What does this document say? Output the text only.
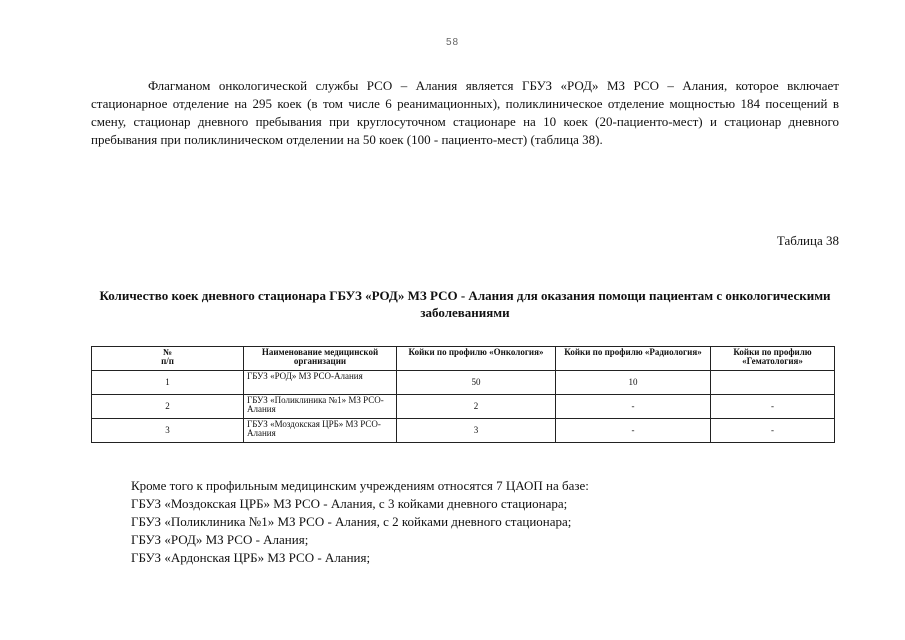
58

Флагманом онкологической службы РСО – Алания является ГБУЗ «РОД» МЗ РСО – Алания, которое включает стационарное отделение на 295 коек (в том числе 6 реанимационных), поликлиническое отделение мощностью 184 посещений в смену, стационар дневного пребывания при круглосуточном стационаре на 10 коек (20-пациенто-мест) и стационар дневного пребывания при поликлиническом отделении на 50 коек (100 - пациенто-мест) (таблица 38).

Таблица 38

Количество коек дневного стационара ГБУЗ «РОД» МЗ РСО - Алания для оказания помощи пациентам с онкологическими заболеваниями

№
п/п	Наименование медицинской организации	Койки по профилю «Онкология»	Койки по профилю «Радиология»	Койки по профилю «Гематология»
1	ГБУЗ «РОД» МЗ РСО-Алания	50	10	
2	ГБУЗ «Поликлиника №1» МЗ РСО-Алания	2	-	-
3	ГБУЗ «Моздокская ЦРБ» МЗ РСО-Алания	3	-	-
Кроме того к профильным медицинским учреждениям относятся 7 ЦАОП на базе:
ГБУЗ «Моздокская ЦРБ» МЗ РСО - Алания, с 3 койками дневного стационара;
ГБУЗ «Поликлиника №1» МЗ РСО - Алания, с 2 койками дневного стационара;
ГБУЗ «РОД» МЗ РСО - Алания;
ГБУЗ «Ардонская ЦРБ» МЗ РСО - Алания;
